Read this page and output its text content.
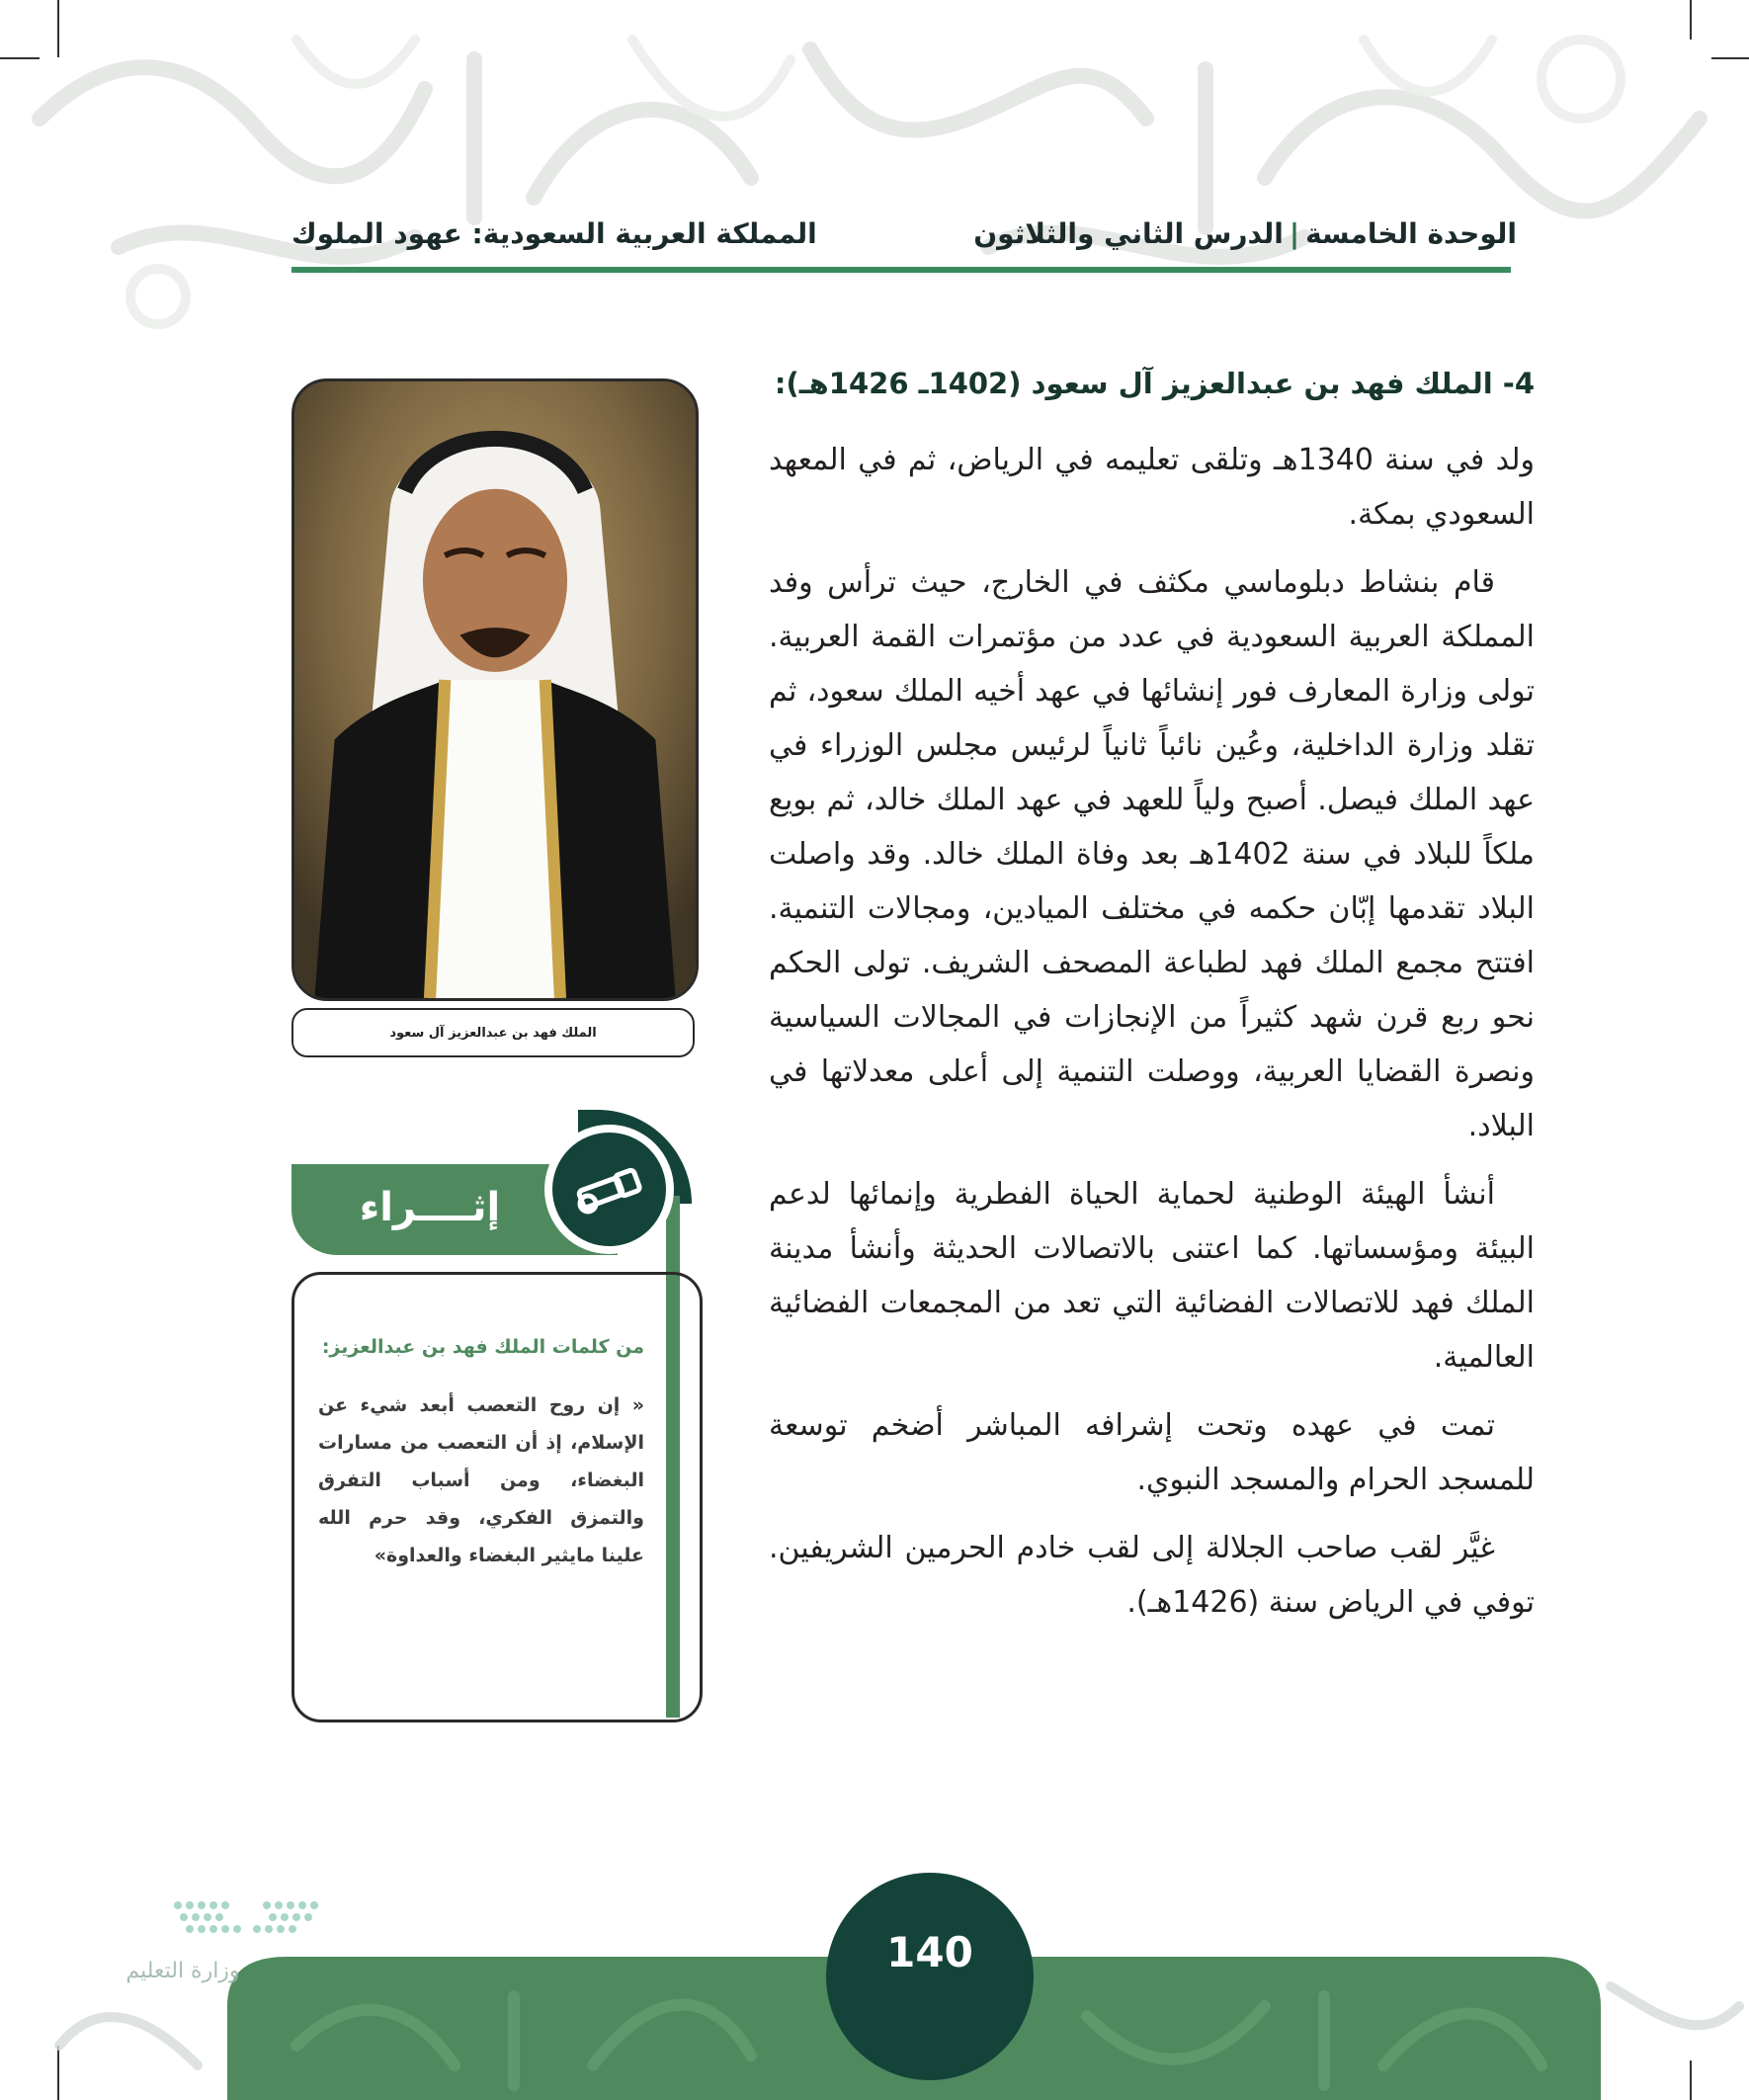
الوحدة الخامسة|الدرس الثاني والثلاثون
المملكة العربية السعودية: عهود الملوك
4- الملك فهد بن عبدالعزيز آل سعود (1402ـ 1426هـ):

ولد في سنة 1340هـ وتلقى تعليمه في الرياض، ثم في المعهد السعودي بمكة.

قام بنشاط دبلوماسي مكثف في الخارج، حيث ترأس وفد المملكة العربية السعودية في عدد من مؤتمرات القمة العربية. تولى وزارة المعارف فور إنشائها في عهد أخيه الملك سعود، ثم تقلد وزارة الداخلية، وعُين نائباً ثانياً لرئيس مجلس الوزراء في عهد الملك فيصل. أصبح ولياً للعهد في عهد الملك خالد، ثم بويع ملكاً للبلاد في سنة 1402هـ بعد وفاة الملك خالد. وقد واصلت البلاد تقدمها إبّان حكمه في مختلف الميادين، ومجالات التنمية. افتتح مجمع الملك فهد لطباعة المصحف الشريف. تولى الحكم نحو ربع قرن شهد كثيراً من الإنجازات في المجالات السياسية ونصرة القضايا العربية، ووصلت التنمية إلى أعلى معدلاتها في البلاد.

أنشأ الهيئة الوطنية لحماية الحياة الفطرية وإنمائها لدعم البيئة ومؤسساتها. كما اعتنى بالاتصالات الحديثة وأنشأ مدينة الملك فهد للاتصالات الفضائية التي تعد من المجمعات الفضائية العالمية.

تمت في عهده وتحت إشرافه المباشر أضخم توسعة للمسجد الحرام والمسجد النبوي.

غيَّر لقب صاحب الجلالة إلى لقب خادم الحرمين الشريفين. توفي في الرياض سنة (1426هـ).

الملك فهد بن عبدالعزيز آل سعود
إثــــراء

من كلمات الملك فهد بن عبدالعزيز:

« إن روح التعصب أبعد شيء عن الإسلام، إذ أن التعصب من مسارات البغضاء، ومن أسباب التفرق والتمزق الفكري، وقد حرم الله علينا مايثير البغضاء والعداوة»

140
وزارة التعليم
